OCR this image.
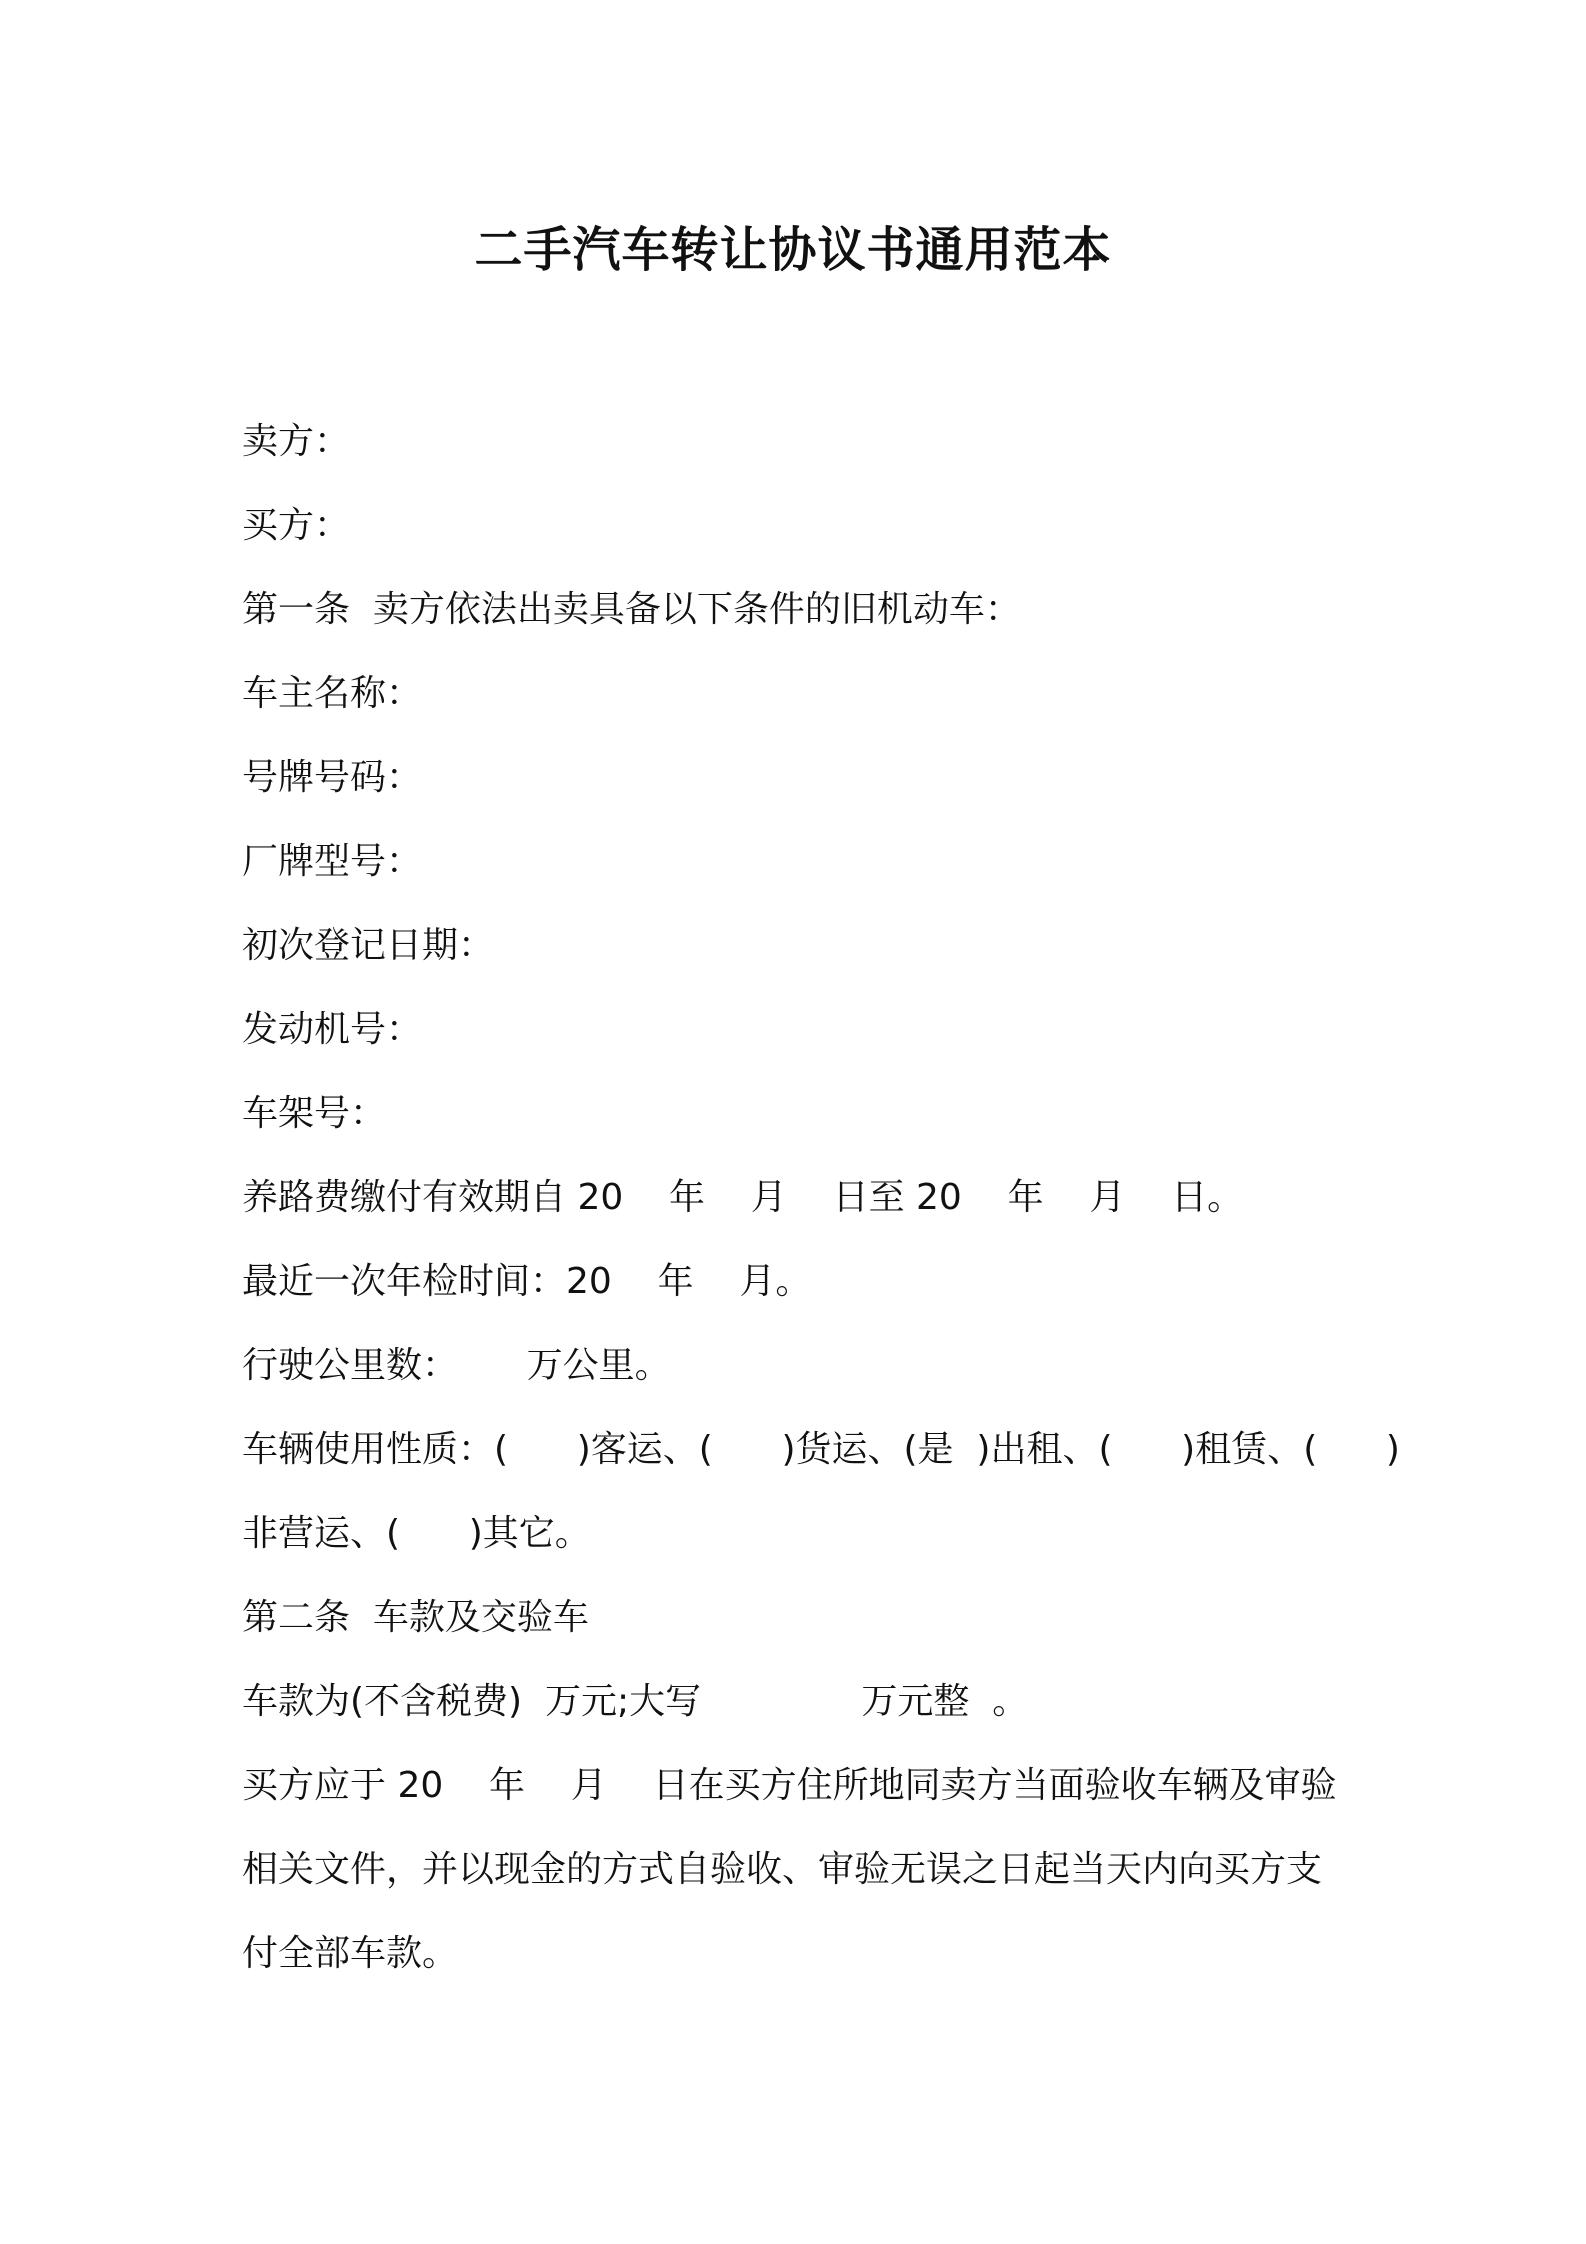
二手汽车转让协议书通用范本

卖方：

买方：

第一条  卖方依法出卖具备以下条件的旧机动车：

车主名称：

号牌号码：

厂牌型号：

初次登记日期：

发动机号：

车架号：

养路费缴付有效期自 20    年    月    日至 20    年    月    日。

最近一次年检时间：20    年    月。

行驶公里数：      万公里。

车辆使用性质：(      )客运、(      )货运、(是  )出租、(      )租赁、(      )

非营运、(      )其它。

第二条  车款及交验车

车款为(不含税费)  万元;大写              万元整  。

买方应于 20    年    月    日在买方住所地同卖方当面验收车辆及审验

相关文件，并以现金的方式自验收、审验无误之日起当天内向买方支

付全部车款。
